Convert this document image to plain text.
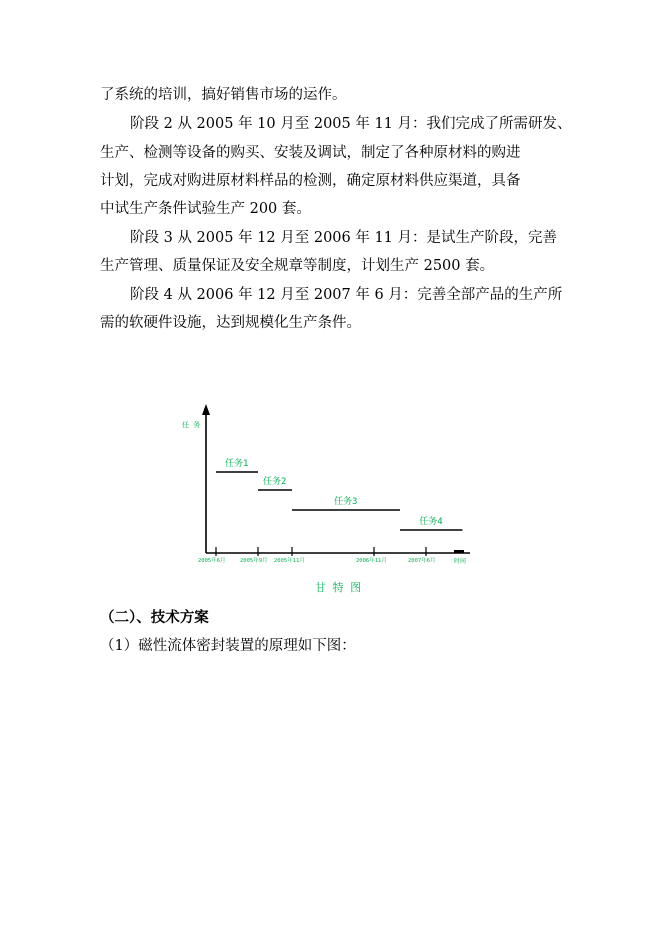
了系统的培训，搞好销售市场的运作。
阶段 2 从 2005 年 10 月至 2005 年 11 月：我们完成了所需研发、
生产、检测等设备的购买、安装及调试，制定了各种原材料的购进
计划，完成对购进原材料样品的检测，确定原材料供应渠道，具备
中试生产条件试验生产 200 套。
阶段 3 从 2005 年 12 月至 2006 年 11 月：是试生产阶段，完善
生产管理、质量保证及安全规章等制度，计划生产 2500 套。
阶段 4 从 2006 年 12 月至 2007 年 6 月：完善全部产品的生产所
需的软硬件设施，达到规模化生产条件。
任 务
甘 特 图
时间
2005年6月	2005年9月 2005年11月	2006年11月	2007年6月
任务1
任务2
任务3
任务4
（二）、技术方案
（1）磁性流体密封装置的原理如下图：
